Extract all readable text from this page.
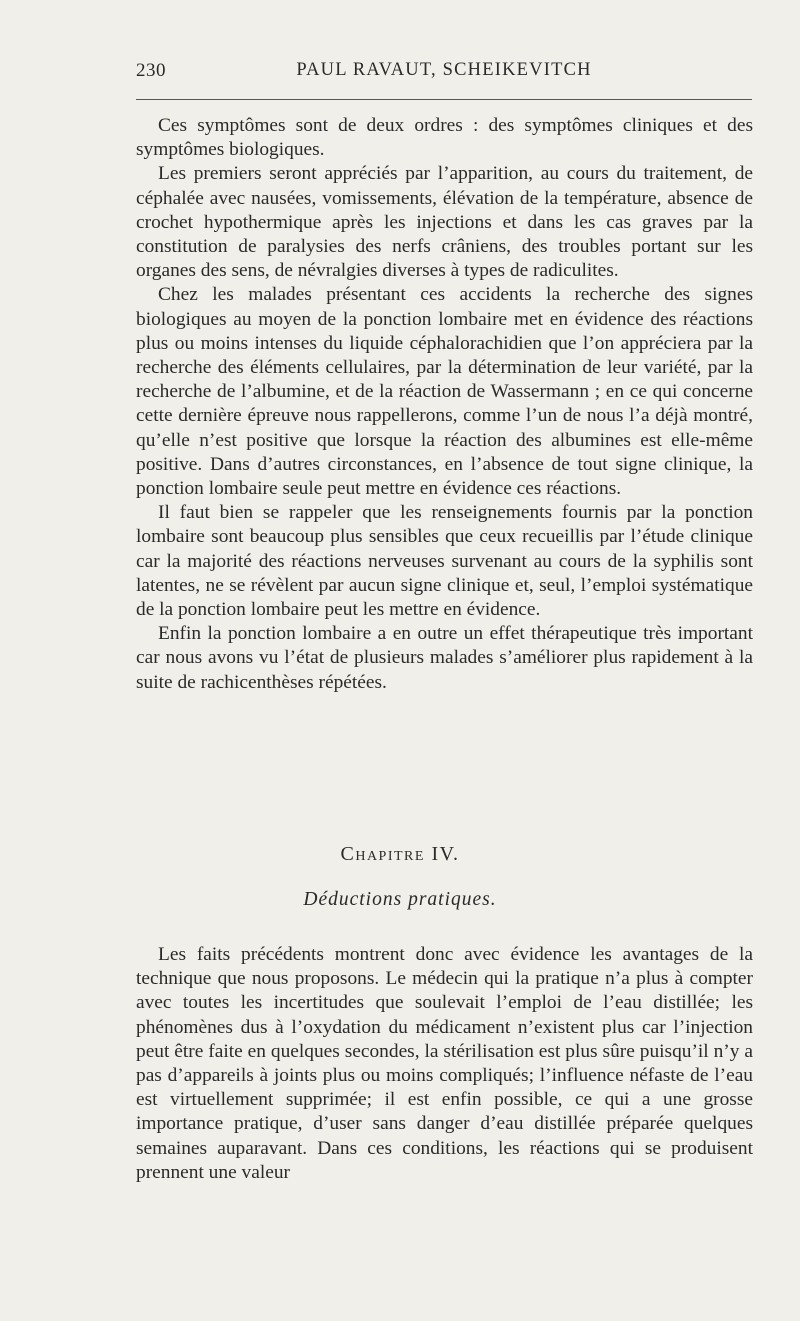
230	PAUL RAVAUT, SCHEIKEVITCH

Ces symptômes sont de deux ordres : des symptômes cliniques et des symptômes biologiques.

Les premiers seront appréciés par l’apparition, au cours du traitement, de céphalée avec nausées, vomissements, élévation de la température, absence de crochet hypothermique après les injections et dans les cas graves par la constitution de paralysies des nerfs crâniens, des troubles portant sur les organes des sens, de névralgies diverses à types de radiculites.

Chez les malades présentant ces accidents la recherche des signes biologiques au moyen de la ponction lombaire met en évidence des réactions plus ou moins intenses du liquide céphalorachidien que l’on appréciera par la recherche des éléments cellulaires, par la détermination de leur variété, par la recherche de l’albumine, et de la réaction de Wassermann ; en ce qui concerne cette dernière épreuve nous rappellerons, comme l’un de nous l’a déjà montré, qu’elle n’est positive que lorsque la réaction des albumines est elle-même positive. Dans d’autres circonstances, en l’absence de tout signe clinique, la ponction lombaire seule peut mettre en évidence ces réactions.

Il faut bien se rappeler que les renseignements fournis par la ponction lombaire sont beaucoup plus sensibles que ceux recueillis par l’étude clinique car la majorité des réactions nerveuses survenant au cours de la syphilis sont latentes, ne se révèlent par aucun signe clinique et, seul, l’emploi systématique de la ponction lombaire peut les mettre en évidence.

Enfin la ponction lombaire a en outre un effet thérapeutique très important car nous avons vu l’état de plusieurs malades s’améliorer plus rapidement à la suite de rachicenthèses répétées.

Chapitre IV.
Déductions pratiques.

Les faits précédents montrent donc avec évidence les avantages de la technique que nous proposons. Le médecin qui la pratique n’a plus à compter avec toutes les incertitudes que soulevait l’emploi de l’eau distillée; les phénomènes dus à l’oxydation du médicament n’existent plus car l’injection peut être faite en quelques secondes, la stérilisation est plus sûre puisqu’il n’y a pas d’appareils à joints plus ou moins compliqués; l’influence néfaste de l’eau est virtuellement supprimée; il est enfin possible, ce qui a une grosse importance pratique, d’user sans danger d’eau distillée préparée quelques semaines auparavant. Dans ces conditions, les réactions qui se produisent prennent une valeur
